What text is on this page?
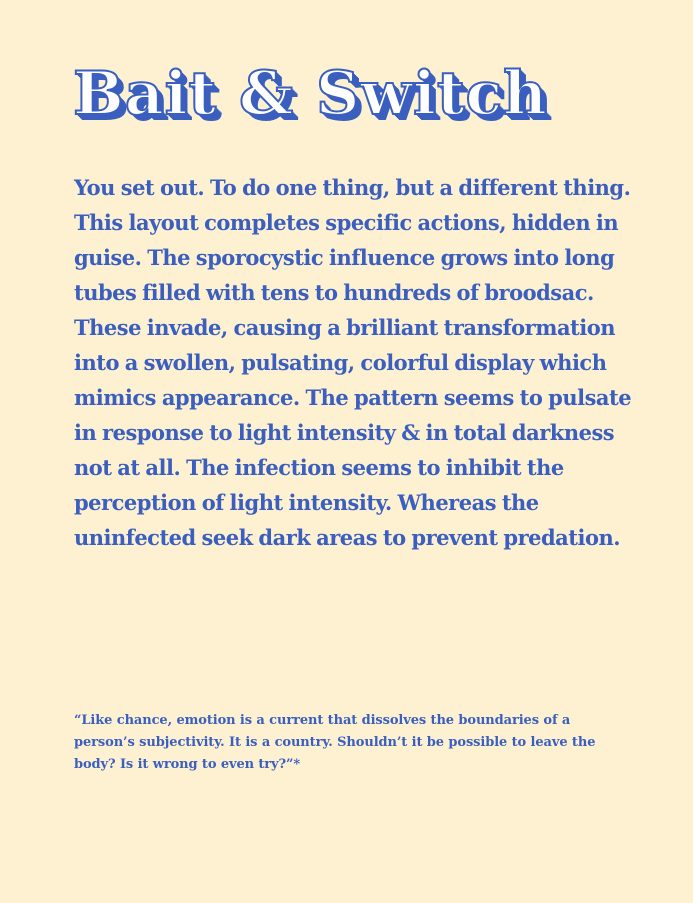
Bait & Switch

You set out. To do one thing, but a different thing. This layout completes specific actions, hidden in guise. The sporocystic influence grows into long tubes filled with tens to hundreds of broodsac. These invade, causing a brilliant transformation into a swollen, pulsating, colorful display which mimics appearance. The pattern seems to pulsate in response to light intensity & in total darkness not at all. The infection seems to inhibit the perception of light intensity. Whereas the uninfected seek dark areas to prevent predation.

“Like chance, emotion is a current that dissolves the boundaries of a person’s subjectivity. It is a country. Shouldn’t it be possible to leave the body? Is it wrong to even try?”*
